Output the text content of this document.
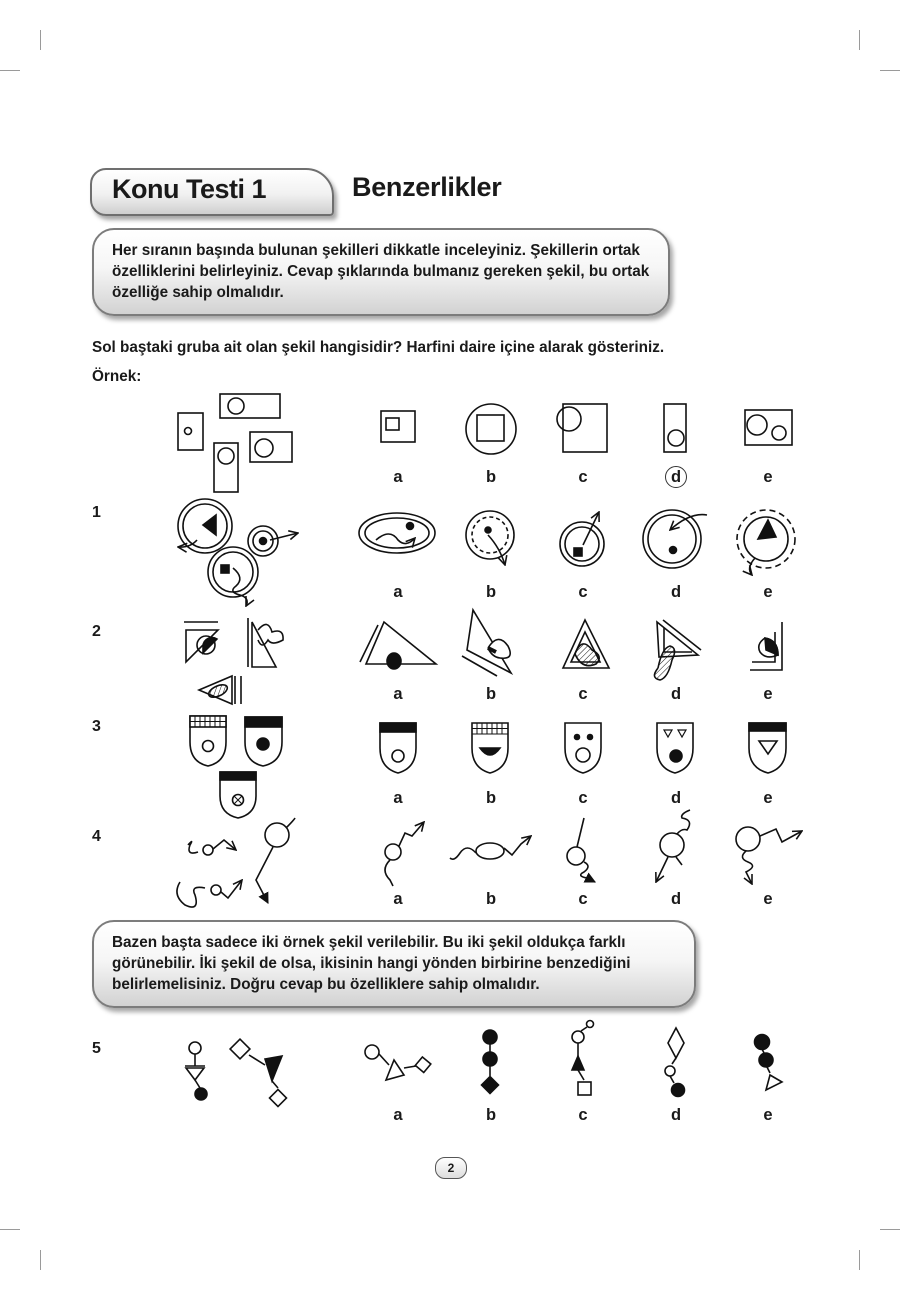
Konu Testi 1	Benzerlikler

Her sıranın başında bulunan şekilleri dikkatle inceleyiniz. Şekillerin ortak özelliklerini belirleyiniz. Cevap şıklarında bulmanız gereken şekil, bu ortak özelliğe sahip olmalıdır.

Sol baştaki gruba ait olan şekil hangisidir? Harfini daire içine alarak gösteriniz.
Örnek:
1
2
3
4
5
a	b	c	d	e
a	b	c	d	e
a	b	c	d	e
a	b	c	d	e
a	b	c	d	e
a	b	c	d	e

Bazen başta sadece iki örnek şekil verilebilir. Bu iki şekil oldukça farklı görünebilir. İki şekil de olsa, ikisinin hangi yönden birbirine benzediğini belirlemelisiniz. Doğru cevap bu özelliklere sahip olmalıdır.

2
